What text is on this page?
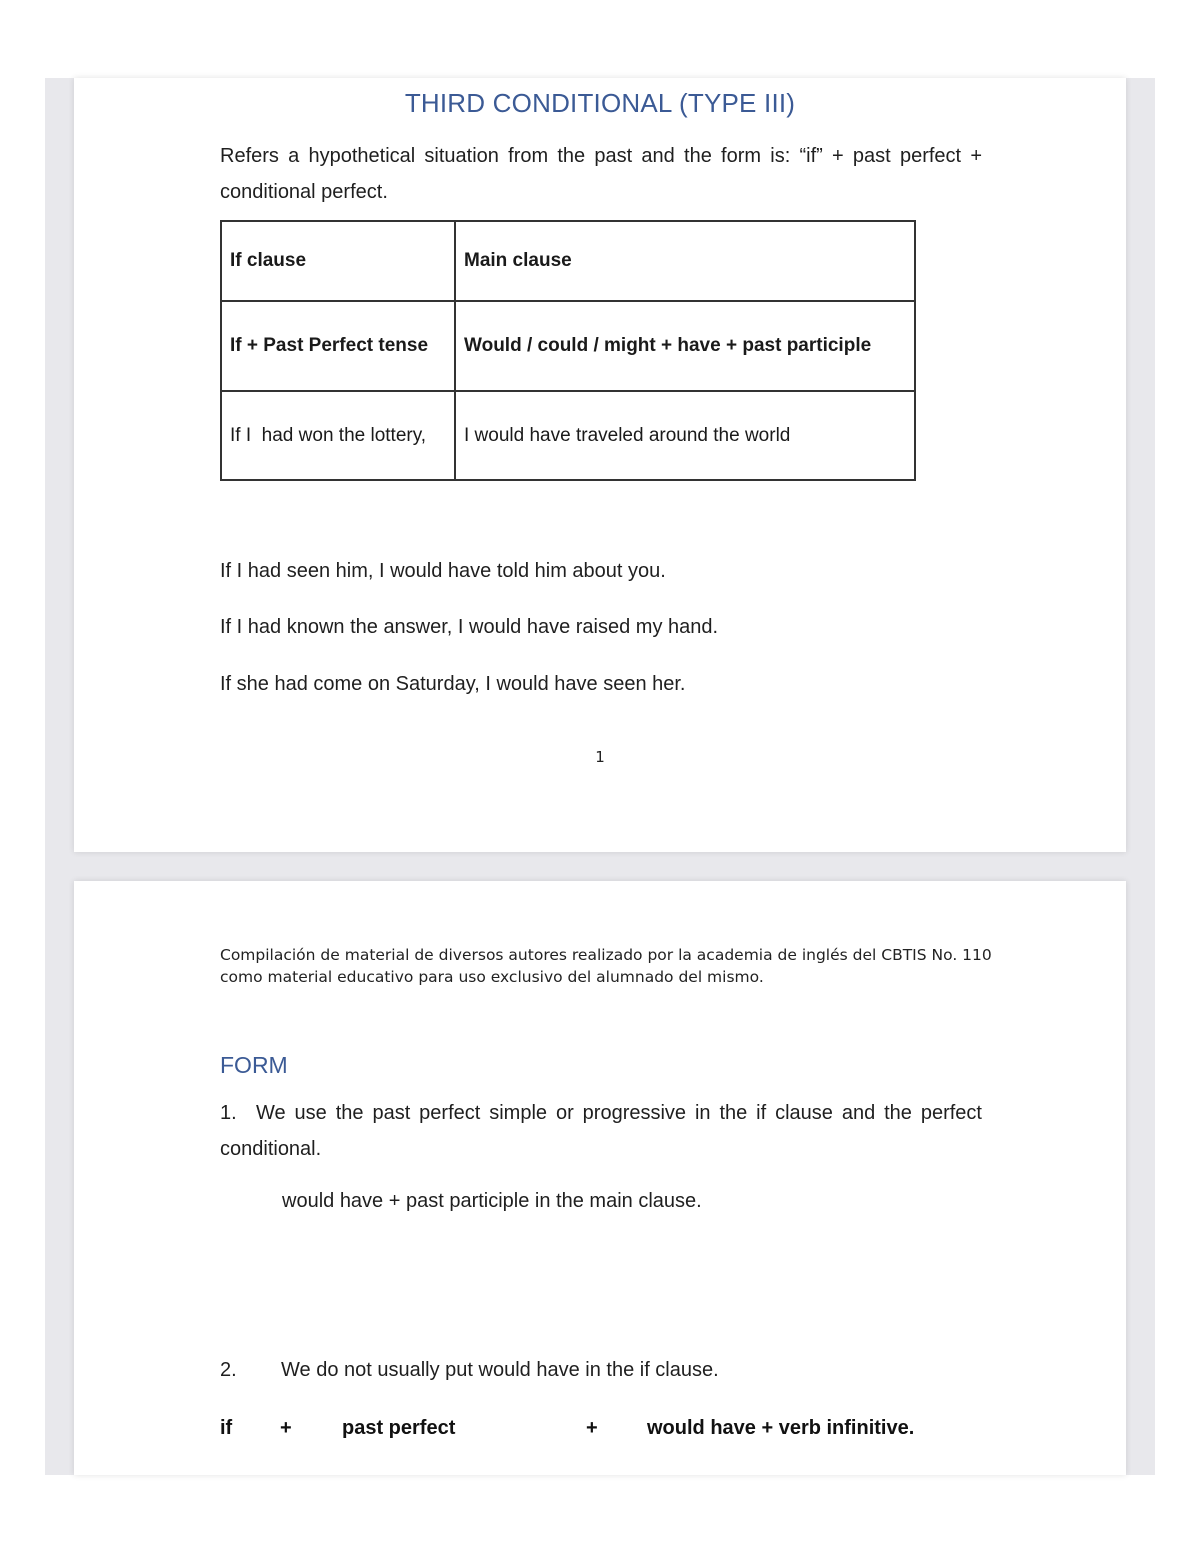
THIRD CONDITIONAL (TYPE III)
Refers a hypothetical situation from the past and the form is: “if” + past perfect + conditional perfect.
If clause	Main clause
If + Past Perfect tense	Would / could / might + have + past participle
If I  had won the lottery,	I would have traveled around the world
If I had seen him, I would have told him about you.
If I had known the answer, I would have raised my hand.
If she had come on Saturday, I would have seen her.
1
Compilación de material de diversos autores realizado por la academia de inglés del CBTIS No. 110 como material educativo para uso exclusivo del alumnado del mismo.
FORM
1. We use the past perfect simple or progressive in the if clause and the perfect conditional.
would have + past participle in the main clause.
2. We do not usually put would have in the if clause.
if +	past perfect	+ would have + verb infinitive.
